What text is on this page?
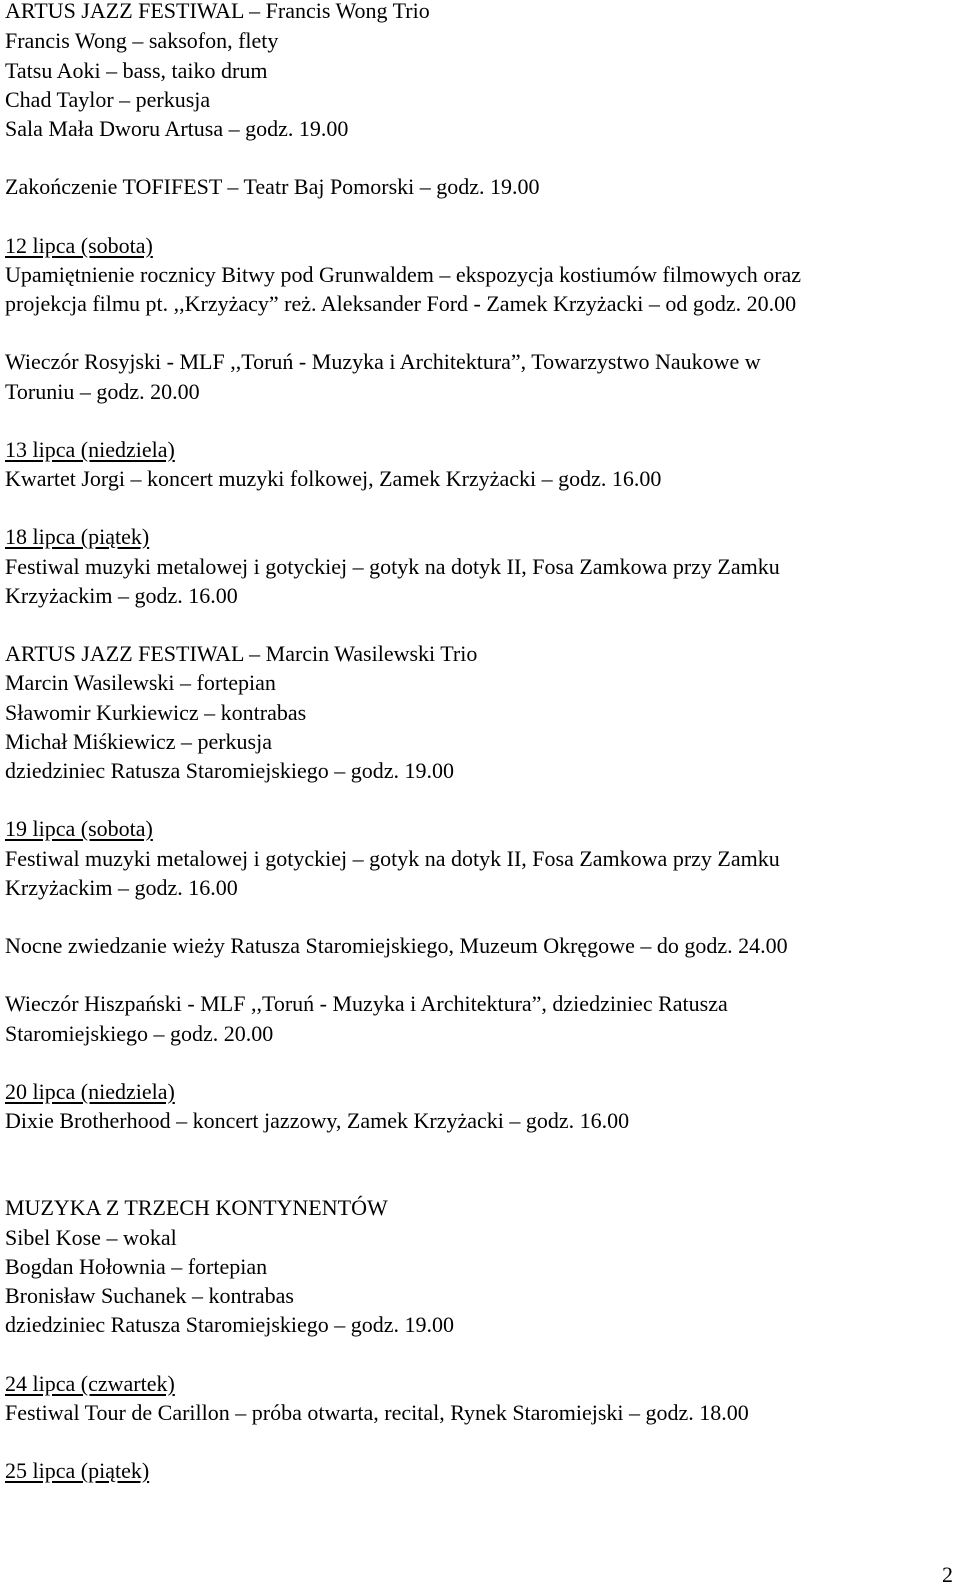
ARTUS JAZZ FESTIWAL – Francis Wong Trio
Francis Wong – saksofon, flety
Tatsu Aoki – bass, taiko drum
Chad Taylor – perkusja
Sala Mała Dworu Artusa – godz. 19.00
Zakończenie TOFIFEST – Teatr Baj Pomorski – godz. 19.00
12 lipca (sobota)
Upamiętnienie rocznicy Bitwy pod Grunwaldem – ekspozycja kostiumów filmowych oraz
projekcja filmu pt. ,,Krzyżacy” reż. Aleksander Ford - Zamek Krzyżacki – od godz. 20.00
Wieczór Rosyjski - MLF ,,Toruń - Muzyka i Architektura”, Towarzystwo Naukowe w
Toruniu – godz. 20.00
13 lipca (niedziela)
Kwartet Jorgi – koncert muzyki folkowej, Zamek Krzyżacki – godz. 16.00
18 lipca (piątek)
Festiwal muzyki metalowej i gotyckiej – gotyk na dotyk II, Fosa Zamkowa przy Zamku
Krzyżackim – godz. 16.00
ARTUS JAZZ FESTIWAL – Marcin Wasilewski Trio
Marcin Wasilewski – fortepian
Sławomir Kurkiewicz – kontrabas
Michał Miśkiewicz – perkusja
dziedziniec Ratusza Staromiejskiego – godz. 19.00
19 lipca (sobota)
Festiwal muzyki metalowej i gotyckiej – gotyk na dotyk II, Fosa Zamkowa przy Zamku
Krzyżackim – godz. 16.00
Nocne zwiedzanie wieży Ratusza Staromiejskiego, Muzeum Okręgowe – do godz. 24.00
Wieczór Hiszpański - MLF ,,Toruń - Muzyka i Architektura”, dziedziniec Ratusza
Staromiejskiego – godz. 20.00
20 lipca (niedziela)
Dixie Brotherhood – koncert jazzowy, Zamek Krzyżacki – godz. 16.00
MUZYKA Z TRZECH KONTYNENTÓW
Sibel Kose – wokal
Bogdan Hołownia – fortepian
Bronisław Suchanek – kontrabas
dziedziniec Ratusza Staromiejskiego – godz. 19.00
24 lipca (czwartek)
Festiwal Tour de Carillon – próba otwarta, recital, Rynek Staromiejski – godz. 18.00
25 lipca (piątek)
2
